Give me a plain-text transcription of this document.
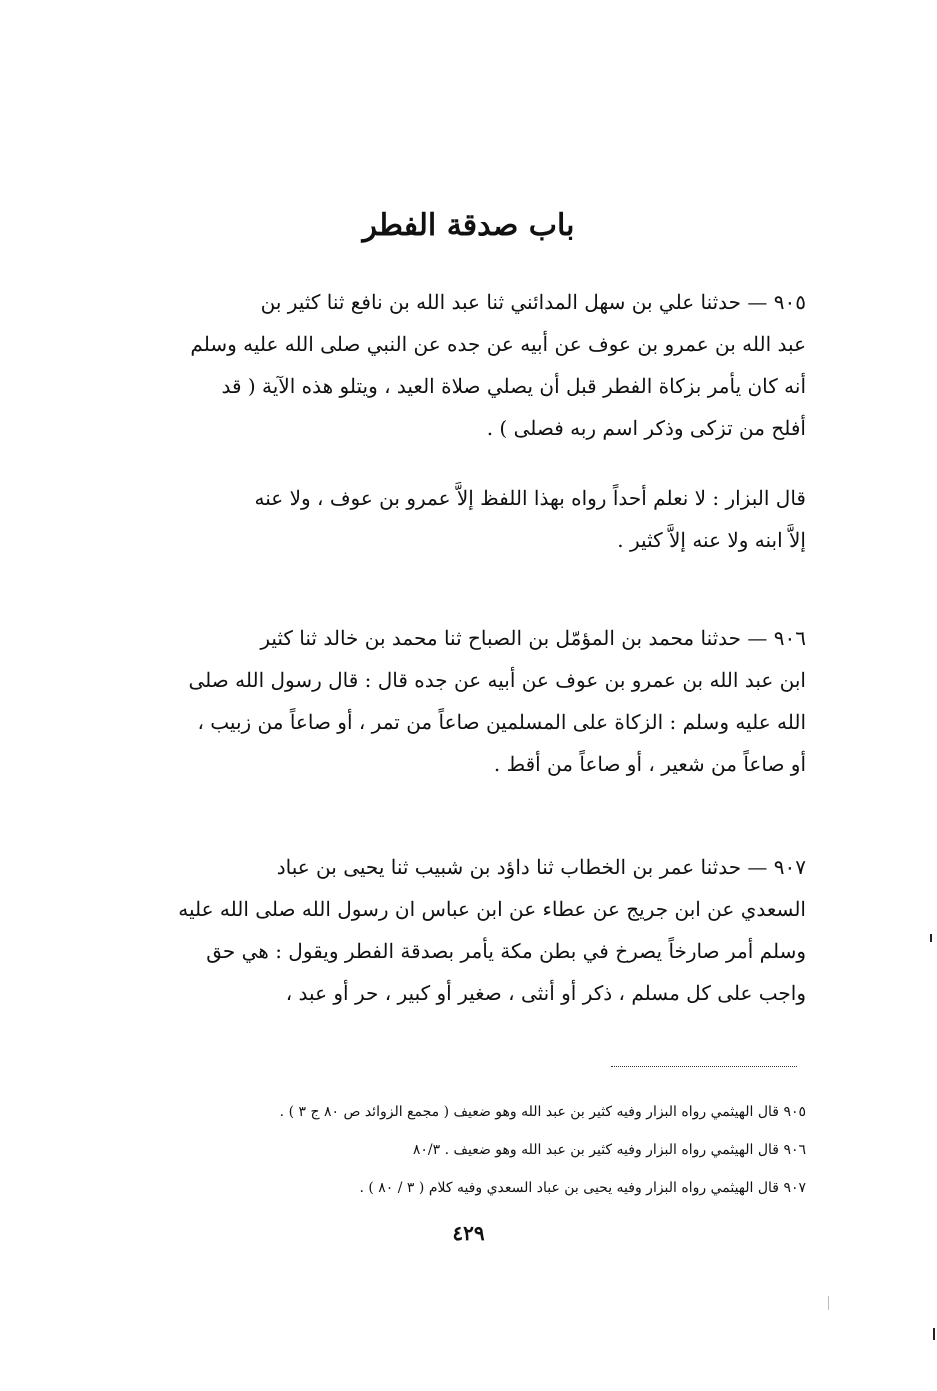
باب صدقة الفطر

٩٠٥ — حدثنا علي بن سهل المدائني ثنا عبد الله بن نافع ثنا كثير بن
عبد الله بن عمرو بن عوف عن أبيه عن جده عن النبي صلى الله عليه وسلم
أنه كان يأمر بزكاة الفطر قبل أن يصلي صلاة العيد ، ويتلو هذه الآية ( قد
أفلح من تزكى وذكر اسم ربه فصلى ) .

قال البزار : لا نعلم أحداً رواه بهذا اللفظ إلاَّ عمرو بن عوف ، ولا عنه
إلاَّ ابنه ولا عنه إلاَّ كثير .

٩٠٦ — حدثنا محمد بن المؤمّل بن الصباح ثنا محمد بن خالد ثنا كثير
ابن عبد الله بن عمرو بن عوف عن أبيه عن جده قال : قال رسول الله صلى
الله عليه وسلم : الزكاة على المسلمين صاعاً من تمر ، أو صاعاً من زبيب ،
أو صاعاً من شعير ، أو صاعاً من أقط .

٩٠٧ — حدثنا عمر بن الخطاب ثنا داؤد بن شبيب ثنا يحيى بن عباد
السعدي عن ابن جريج عن عطاء عن ابن عباس ان رسول الله صلى الله عليه
وسلم أمر صارخاً يصرخ في بطن مكة يأمر بصدقة الفطر ويقول : هي حق
واجب على كل مسلم ، ذكر أو أنثى ، صغير أو كبير ، حر أو عبد ،

٩٠٥ قال الهيثمي رواه البزار وفيه كثير بن عبد الله وهو ضعيف ( مجمع الزوائد ص ٨٠ ج ٣ ) .
٩٠٦ قال الهيثمي رواه البزار وفيه كثير بن عبد الله وهو ضعيف . ٨٠/٣
٩٠٧ قال الهيثمي رواه البزار وفيه يحيى بن عباد السعدي وفيه كلام ( ٣ / ٨٠ ) .
٤٢٩
